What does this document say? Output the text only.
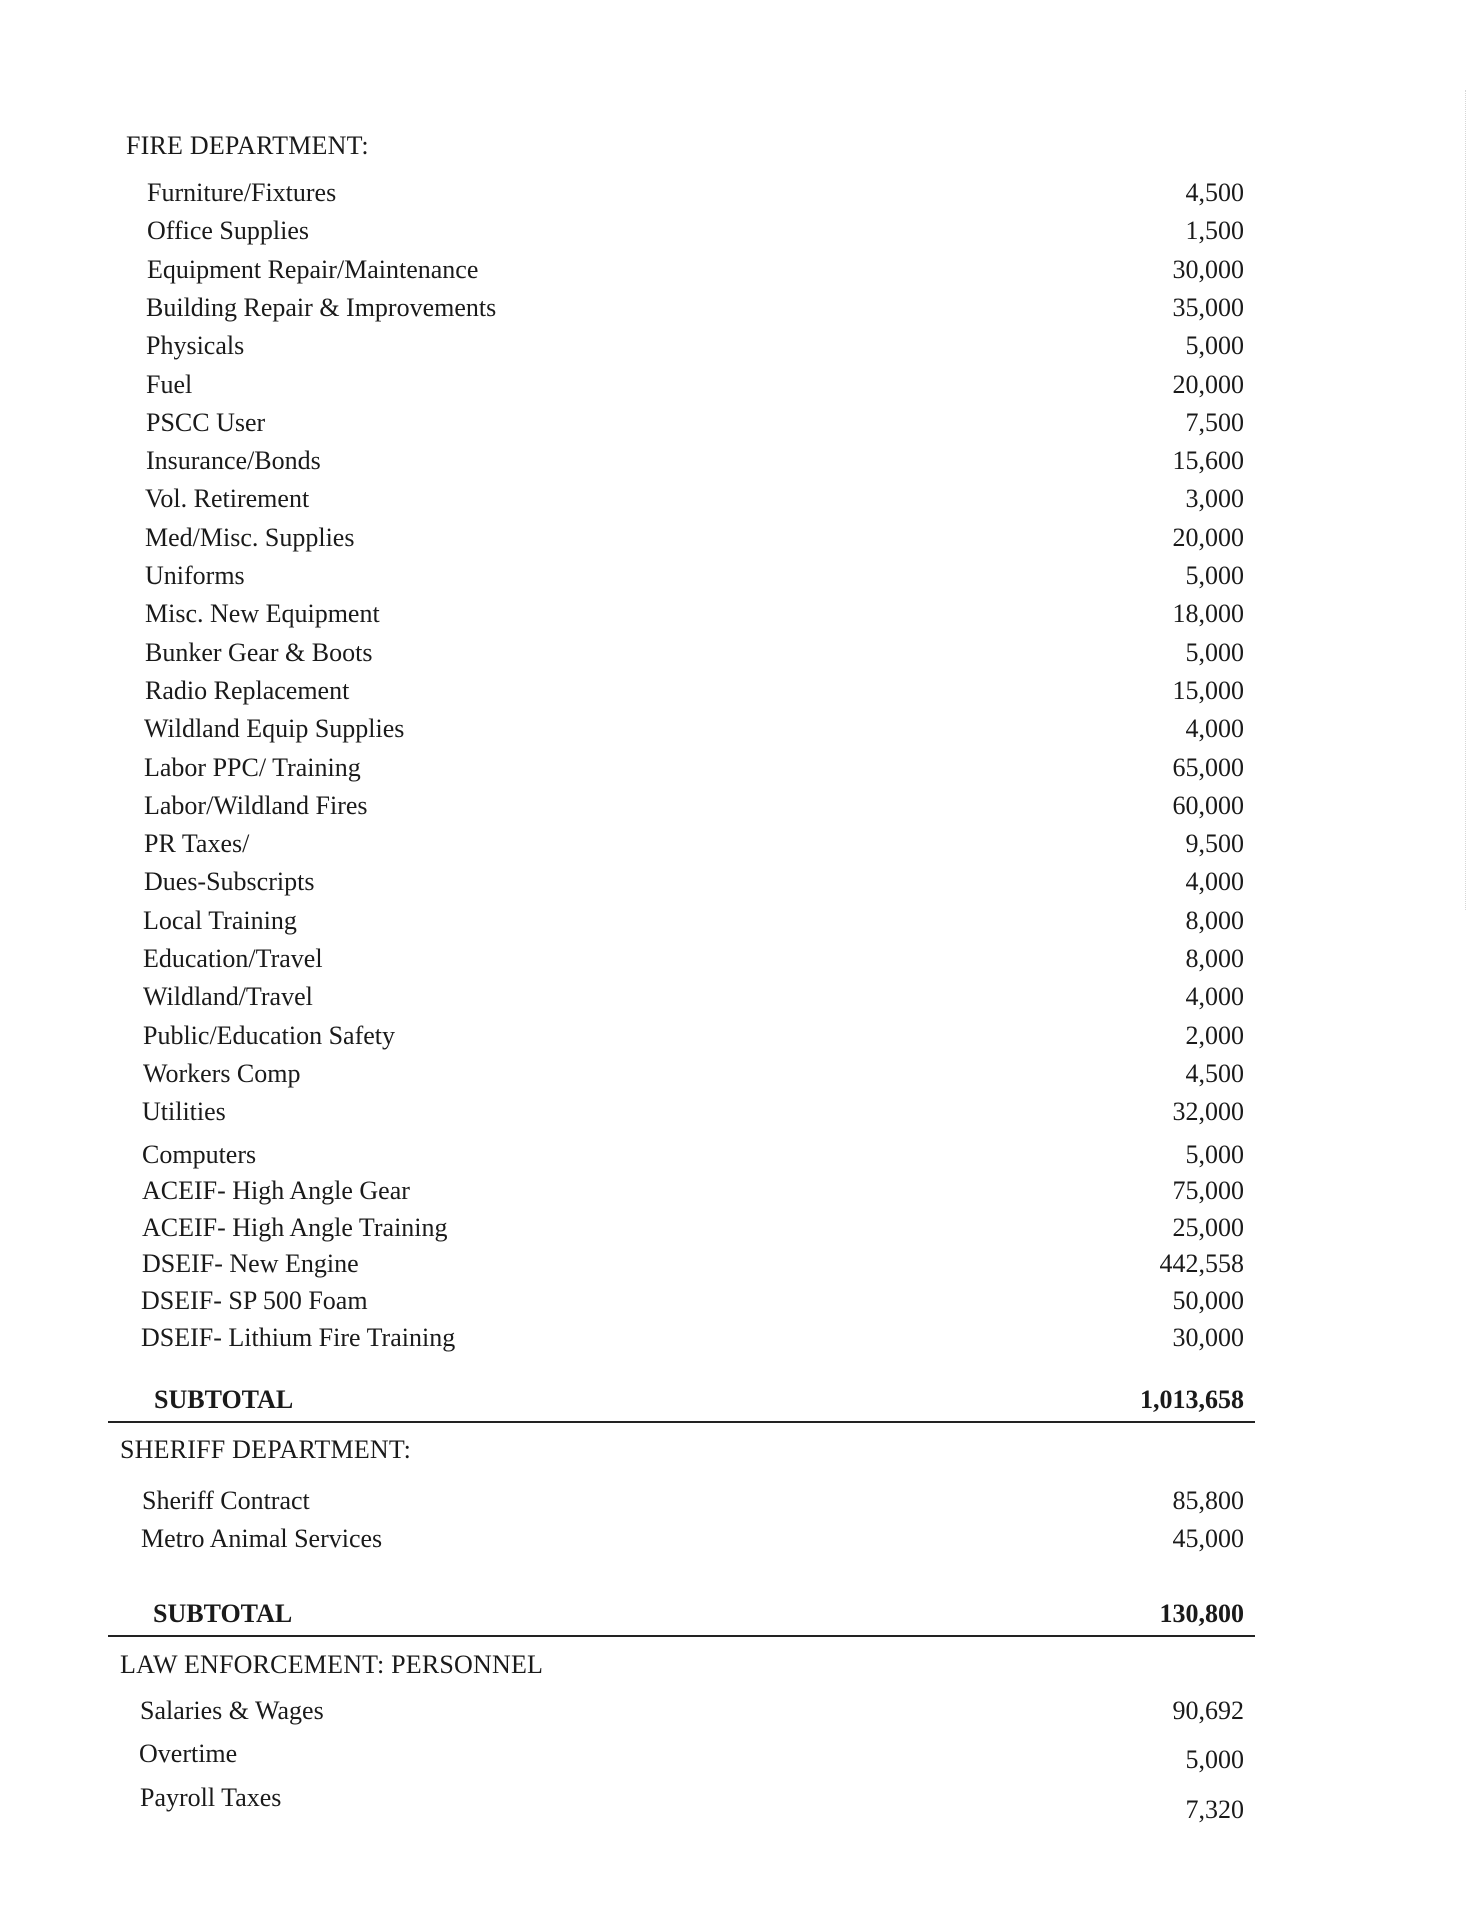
FIRE DEPARTMENT:
Furniture/Fixtures	4,500
Office Supplies	1,500
Equipment Repair/Maintenance	30,000
Building Repair & Improvements	35,000
Physicals	5,000
Fuel	20,000
PSCC User	7,500
Insurance/Bonds	15,600
Vol. Retirement	3,000
Med/Misc. Supplies	20,000
Uniforms	5,000
Misc. New Equipment	18,000
Bunker Gear & Boots	5,000
Radio Replacement	15,000
Wildland Equip Supplies	4,000
Labor PPC/ Training	65,000
Labor/Wildland Fires	60,000
PR Taxes/	9,500
Dues-Subscripts	4,000
Local Training	8,000
Education/Travel	8,000
Wildland/Travel	4,000
Public/Education Safety	2,000
Workers Comp	4,500
Utilities	32,000
Computers	5,000
ACEIF- High Angle Gear	75,000
ACEIF- High Angle Training	25,000
DSEIF- New Engine	442,558
DSEIF- SP 500 Foam	50,000
DSEIF- Lithium Fire Training	30,000
SUBTOTAL	1,013,658
SHERIFF DEPARTMENT:
Sheriff Contract	85,800
Metro Animal Services	45,000
SUBTOTAL	130,800
LAW ENFORCEMENT: PERSONNEL
Salaries & Wages	90,692
Overtime	5,000
Payroll Taxes	7,320
